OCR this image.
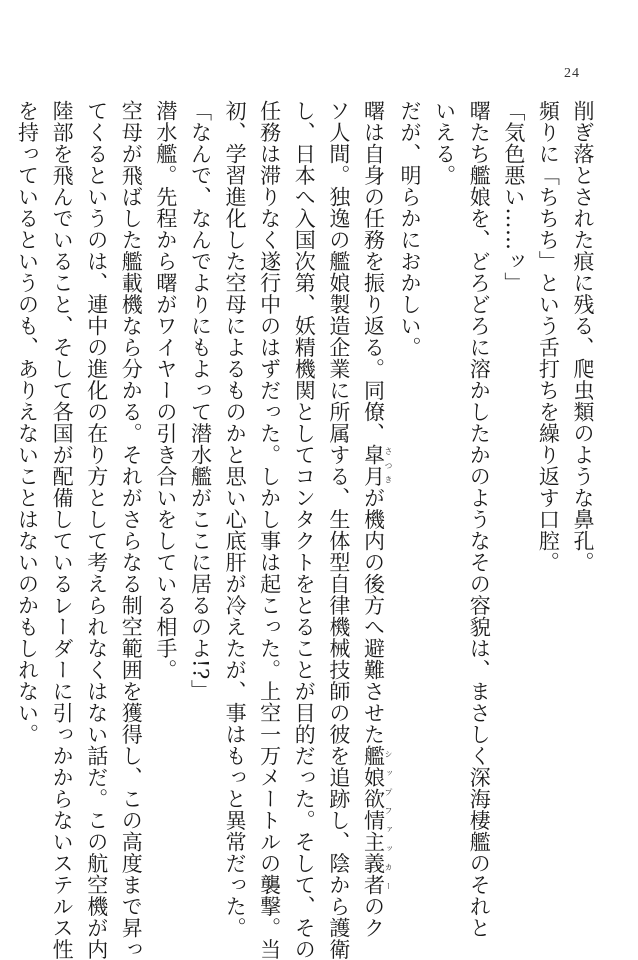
24

削ぎ落とされた痕に残る、爬虫類のような鼻孔。

頻りに「ちちち」という舌打ちを繰り返す口腔。

「気色悪い……ッ」

曙たち艦娘を、どろどろに溶かしたかのようなその容貌は、まさしく深海棲艦のそれと

いえる。

だが、明らかにおかしい。

曙は自身の任務を振り返る。同僚、皐月さつきが機内の後方へ避難させた艦娘欲情主義者シップファッカーのク

ソ人間。独逸の艦娘製造企業に所属する、生体型自律機械技師の彼を追跡し、陰から護衛

し、日本へ入国次第、妖精機関としてコンタクトをとることが目的だった。そして、その

任務は滞りなく遂行中のはずだった。しかし事は起こった。上空一万メートルの襲撃。当

初、学習進化した空母によるものかと思い心底肝が冷えたが、事はもっと異常だった。

「なんで、なんでよりにもよって潜水艦がここに居るのよ!?」

潜水艦。先程から曙がワイヤーの引き合いをしている相手。

空母が飛ばした艦載機なら分かる。それがさらなる制空範囲を獲得し、この高度まで昇っ

てくるというのは、連中の進化の在り方として考えられなくはない話だ。この航空機が内

陸部を飛んでいること、そして各国が配備しているレーダーに引っかからないステルス性

を持っているというのも、ありえないことはないのかもしれない。
